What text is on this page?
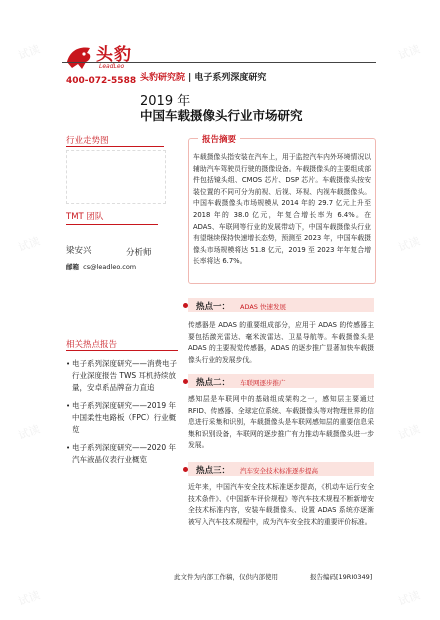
试读	试读
试读	试读
试读	试读
试读	试读
头豹
LeadLeo
400-072-5588 头豹研究院 | 电子系列深度研究
2019 年
中国车载摄像头行业市场研究
行业走势图
TMT 团队
梁安兴	分析师
邮箱 cs@leadleo.com
相关热点报告
• 电子系列深度研究——消费电子行业深度报告 TWS 耳机持续放量，安卓系品牌奋力直追
• 电子系列深度研究——2019 年中国柔性电路板（FPC）行业概览
• 电子系列深度研究——2020 年汽车液晶仪表行业概览
报告摘要
车载摄像头指安装在汽车上，用于监控汽车内外环境情况以辅助汽车驾驶员行驶的摄像设备。车载摄像头的主要组成部件包括镜头组、CMOS 芯片、DSP 芯片。车载摄像头按安装位置的不同可分为前视、后视、环视、内视车载摄像头。中国车载摄像头市场规模从 2014 年的 29.7 亿元上升至 2018 年的 38.0 亿元，年复合增长率为 6.4%。在 ADAS、车联网等行业的发展带动下，中国车载摄像头行业有望继续保持快速增长态势，预测至 2023 年，中国车载摄像头市场规模将达 51.8 亿元，2019 至 2023 年年复合增长率将达 6.7%。
热点一： ADAS 快速发展
传感器是 ADAS 的重要组成部分，应用于 ADAS 的传感器主要包括激光雷达、毫米波雷达、卫星导航等。车载摄像头是 ADAS 的主要视觉传感器，ADAS 的逐步推广显著加快车载摄像头行业的发展步伐。
热点二： 车联网逐步推广
感知层是车联网中的基础组成架构之一，感知层主要通过 RFID、传感器、全球定位系统、车载摄像头等对物理世界的信息进行采集和识别，车载摄像头是车联网感知层的重要信息采集和识别设备，车联网的逐步推广有力推动车载摄像头进一步发展。
热点三： 汽车安全技术标准逐步提高
近年来，中国汽车安全技术标准逐步提高，《机动车运行安全技术条件》、《中国新车评价规程》等汽车技术规程不断新增安全技术标准内容，安装车载摄像头、设置 ADAS 系统亦逐渐被写入汽车技术规程中，成为汽车安全技术的重要评价标准。
此文件为内部工作稿，仅供内部使用	报告编码[19RI0349]
